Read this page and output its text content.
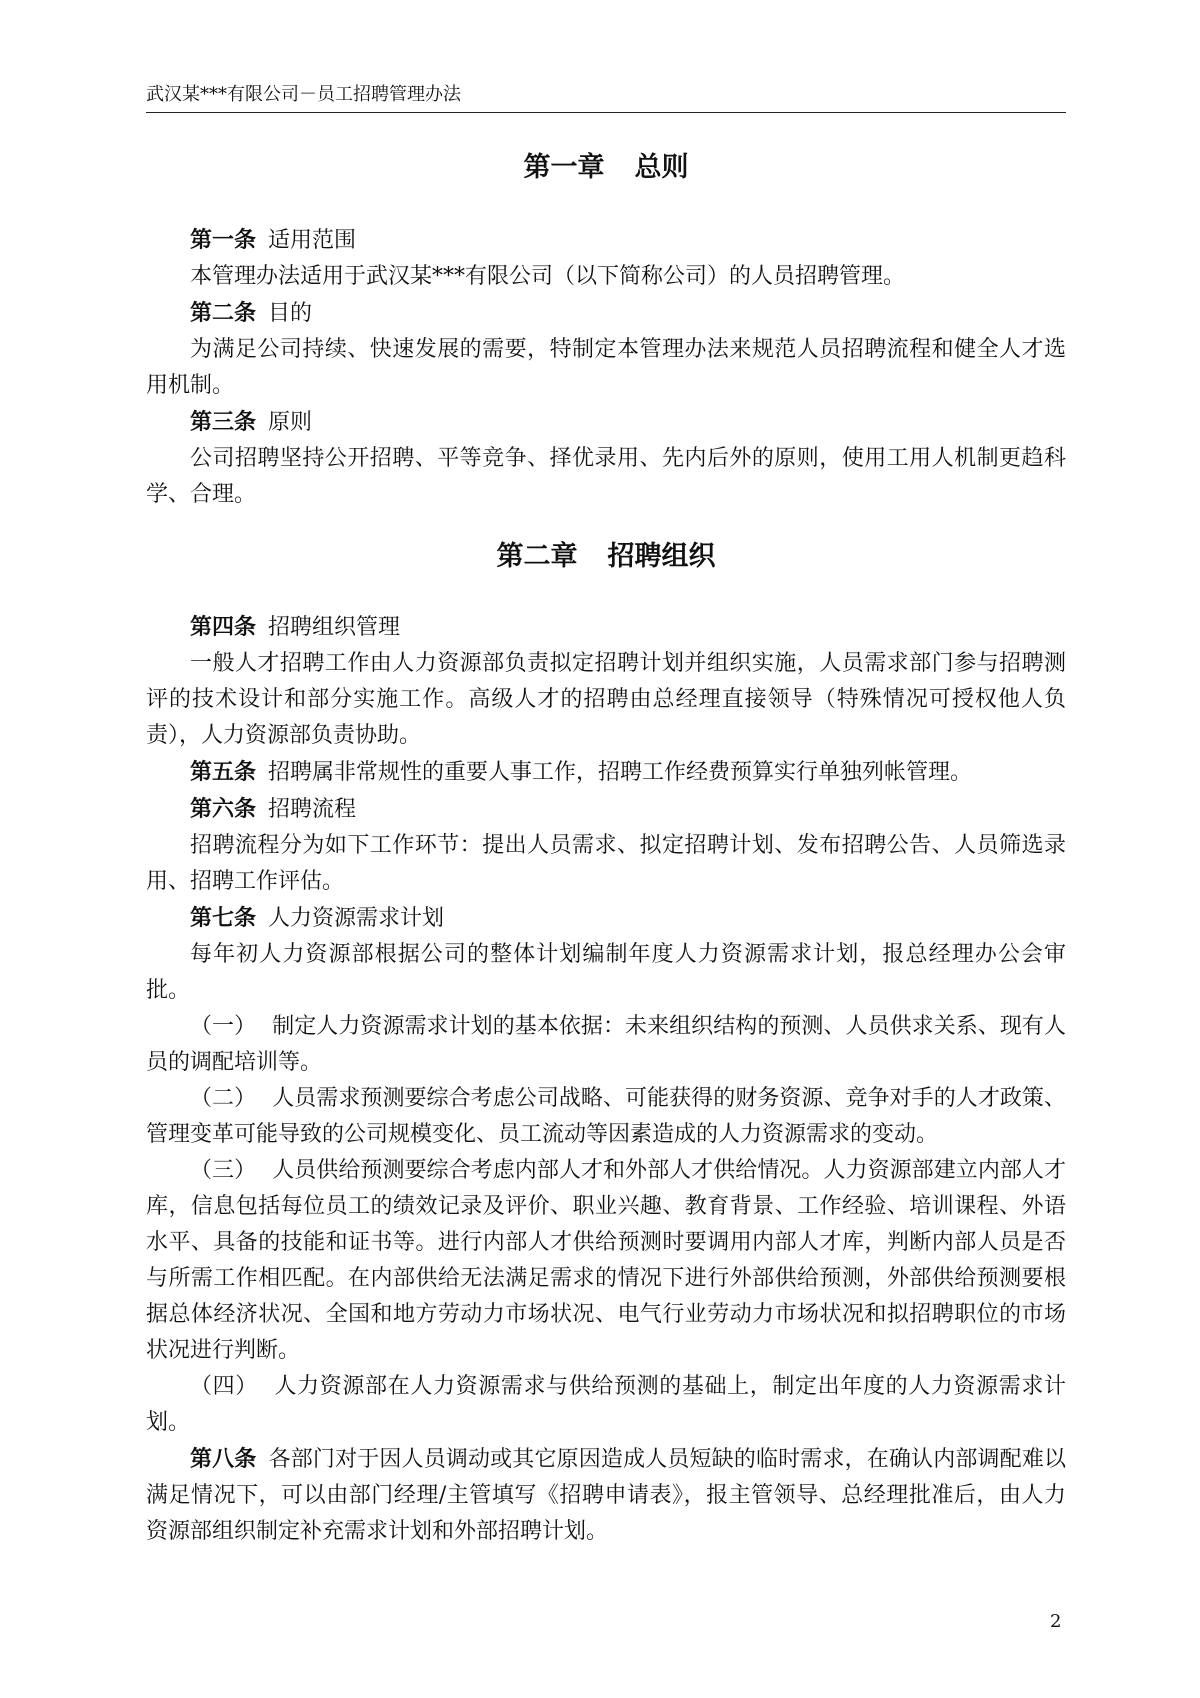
武汉某***有限公司－员工招聘管理办法
第一章 总则

第一条 适用范围

本管理办法适用于武汉某***有限公司（以下简称公司）的人员招聘管理。

第二条 目的

为满足公司持续、快速发展的需要，特制定本管理办法来规范人员招聘流程和健全人才选用机制。

第三条 原则

公司招聘坚持公开招聘、平等竞争、择优录用、先内后外的原则，使用工用人机制更趋科学、合理。

第二章 招聘组织

第四条 招聘组织管理

一般人才招聘工作由人力资源部负责拟定招聘计划并组织实施，人员需求部门参与招聘测评的技术设计和部分实施工作。高级人才的招聘由总经理直接领导（特殊情况可授权他人负责），人力资源部负责协助。

第五条 招聘属非常规性的重要人事工作，招聘工作经费预算实行单独列帐管理。

第六条 招聘流程

招聘流程分为如下工作环节：提出人员需求、拟定招聘计划、发布招聘公告、人员筛选录用、招聘工作评估。

第七条 人力资源需求计划

每年初人力资源部根据公司的整体计划编制年度人力资源需求计划，报总经理办公会审批。

（一） 制定人力资源需求计划的基本依据：未来组织结构的预测、人员供求关系、现有人员的调配培训等。

（二） 人员需求预测要综合考虑公司战略、可能获得的财务资源、竞争对手的人才政策、管理变革可能导致的公司规模变化、员工流动等因素造成的人力资源需求的变动。

（三） 人员供给预测要综合考虑内部人才和外部人才供给情况。人力资源部建立内部人才库，信息包括每位员工的绩效记录及评价、职业兴趣、教育背景、工作经验、培训课程、外语水平、具备的技能和证书等。进行内部人才供给预测时要调用内部人才库，判断内部人员是否与所需工作相匹配。在内部供给无法满足需求的情况下进行外部供给预测，外部供给预测要根据总体经济状况、全国和地方劳动力市场状况、电气行业劳动力市场状况和拟招聘职位的市场状况进行判断。

（四） 人力资源部在人力资源需求与供给预测的基础上，制定出年度的人力资源需求计划。

第八条 各部门对于因人员调动或其它原因造成人员短缺的临时需求，在确认内部调配难以满足情况下，可以由部门经理/主管填写《招聘申请表》，报主管领导、总经理批准后，由人力资源部组织制定补充需求计划和外部招聘计划。

2
